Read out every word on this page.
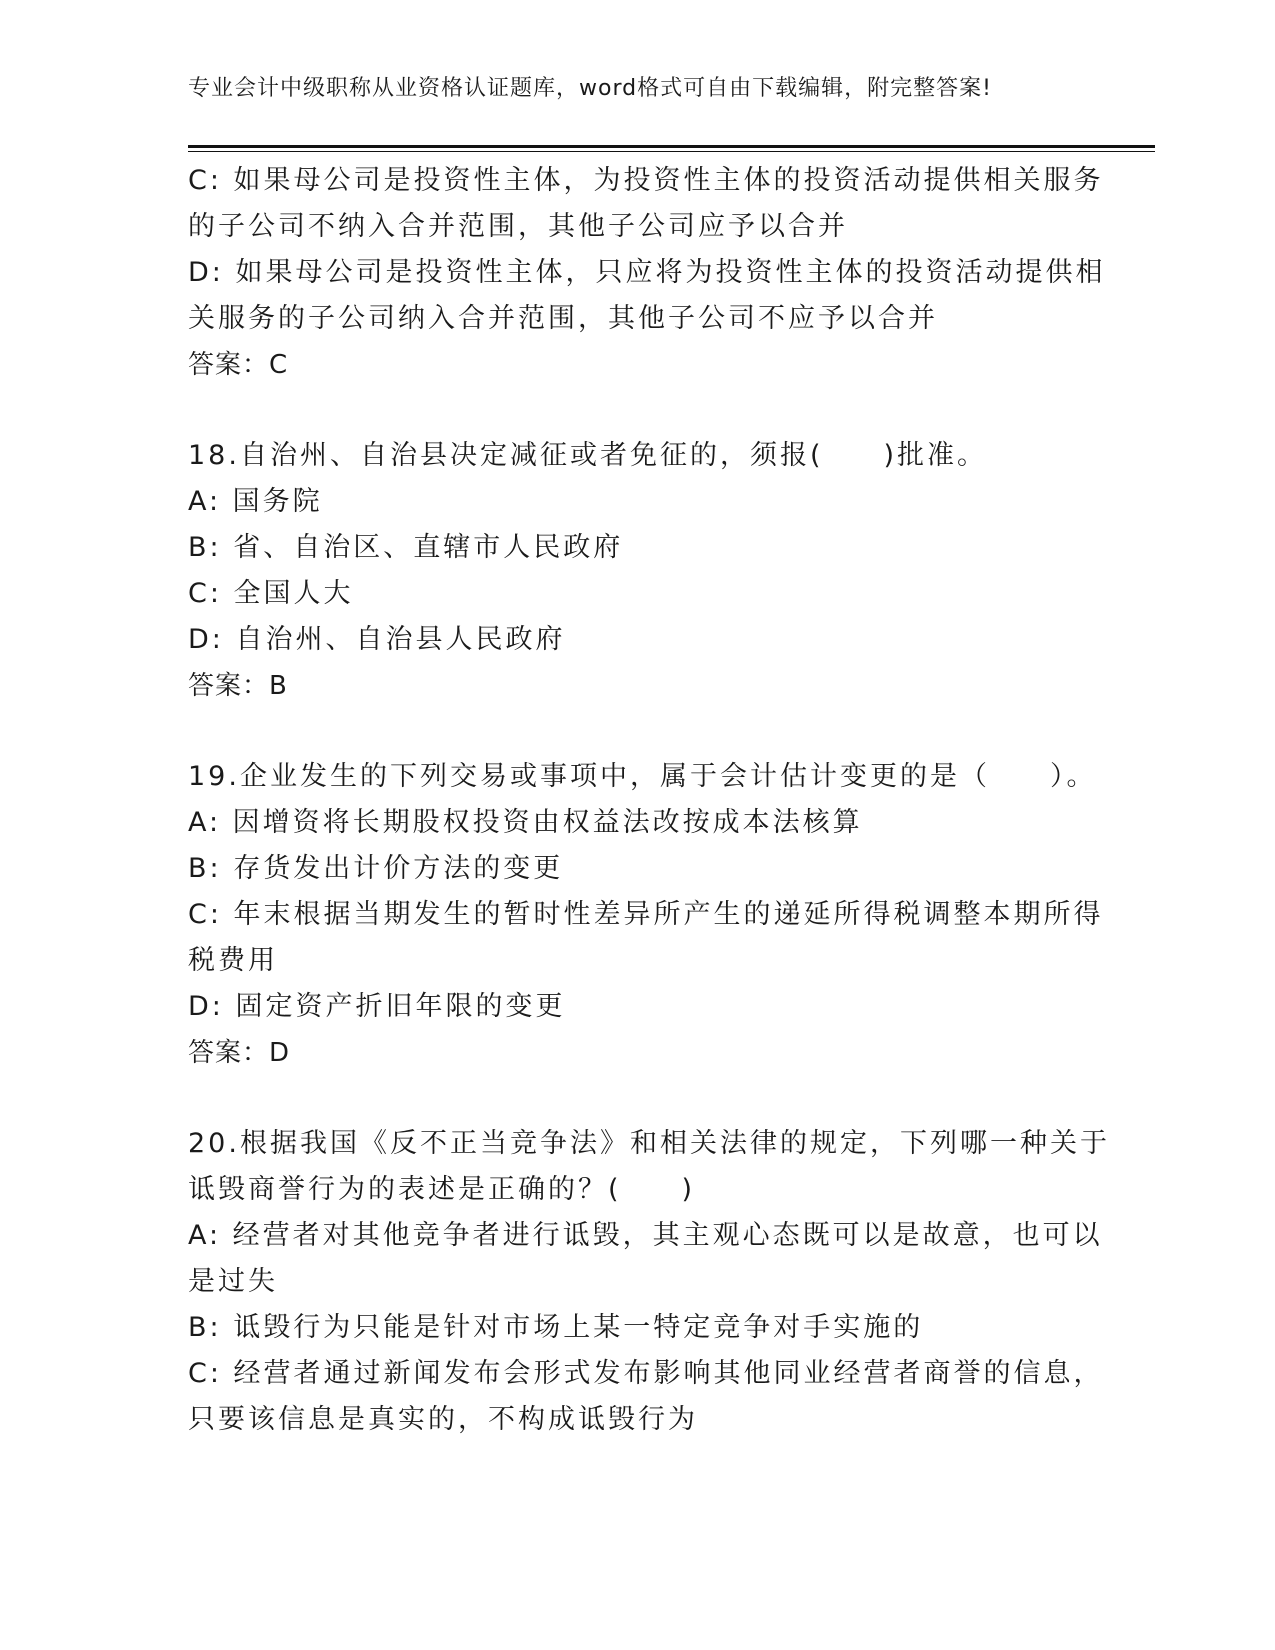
专业会计中级职称从业资格认证题库，word格式可自由下载编辑，附完整答案!
C: 如果母公司是投资性主体，为投资性主体的投资活动提供相关服务
的子公司不纳入合并范围，其他子公司应予以合并
D: 如果母公司是投资性主体，只应将为投资性主体的投资活动提供相
关服务的子公司纳入合并范围，其他子公司不应予以合并
答案：C
18.自治州、自治县决定减征或者免征的，须报(　　)批准。
A: 国务院
B: 省、自治区、直辖市人民政府
C: 全国人大
D: 自治州、自治县人民政府
答案：B
19.企业发生的下列交易或事项中，属于会计估计变更的是（　　）。
A: 因增资将长期股权投资由权益法改按成本法核算
B: 存货发出计价方法的变更
C: 年末根据当期发生的暂时性差异所产生的递延所得税调整本期所得
税费用
D: 固定资产折旧年限的变更
答案：D
20.根据我国《反不正当竞争法》和相关法律的规定，下列哪一种关于
诋毁商誉行为的表述是正确的？(　　)
A: 经营者对其他竞争者进行诋毁，其主观心态既可以是故意，也可以
是过失
B: 诋毁行为只能是针对市场上某一特定竞争对手实施的
C: 经营者通过新闻发布会形式发布影响其他同业经营者商誉的信息，
只要该信息是真实的，不构成诋毁行为
